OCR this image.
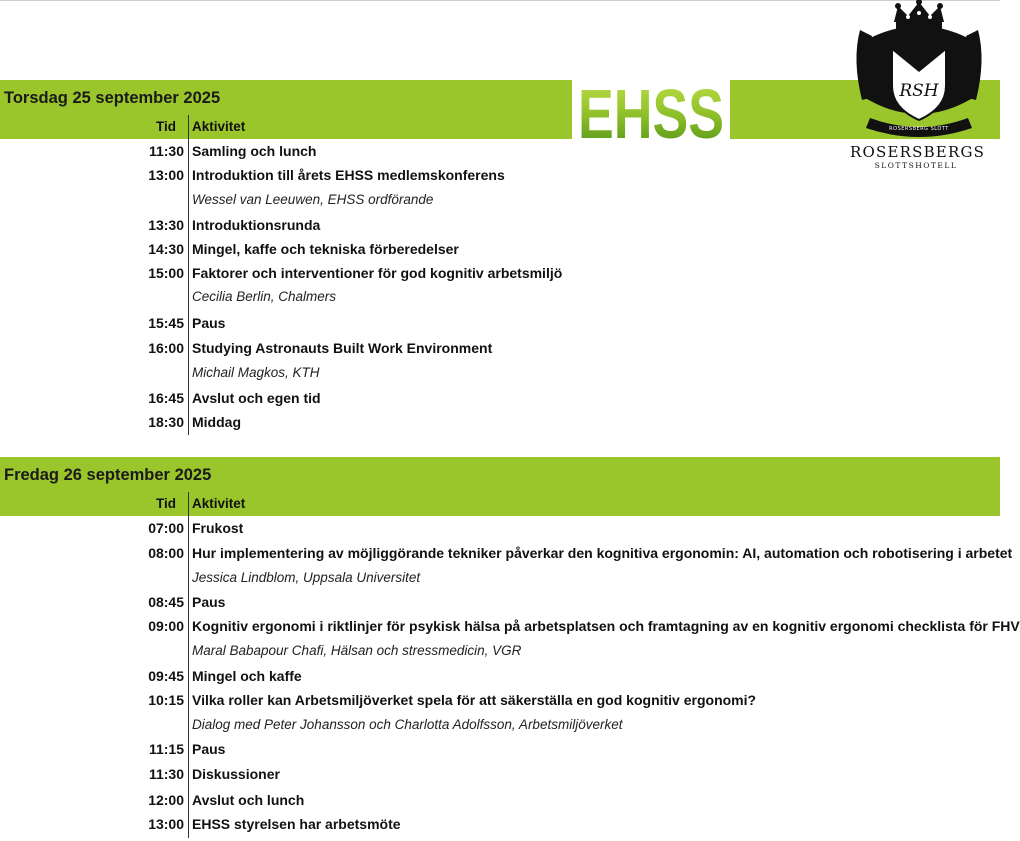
Torsdag 25 september 2025
Tid Aktivitet
11:30 Samling och lunch
13:00 Introduktion till årets EHSS medlemskonferens
Wessel van Leeuwen, EHSS ordförande
13:30 Introduktionsrunda
14:30 Mingel, kaffe och tekniska förberedelser
15:00 Faktorer och interventioner för god kognitiv arbetsmiljö
Cecilia Berlin, Chalmers
15:45 Paus
16:00 Studying Astronauts Built Work Environment
Michail Magkos, KTH
16:45 Avslut och egen tid
18:30 Middag
Fredag 26 september 2025
Tid Aktivitet
07:00 Frukost
08:00 Hur implementering av möjliggörande tekniker påverkar den kognitiva ergonomin: AI, automation och robotisering i arbetet
Jessica Lindblom, Uppsala Universitet
08:45 Paus
09:00 Kognitiv ergonomi i riktlinjer för psykisk hälsa på arbetsplatsen och framtagning av en kognitiv ergonomi checklista för FHV
Maral Babapour Chafi, Hälsan och stressmedicin, VGR
09:45 Mingel och kaffe
10:15 Vilka roller kan Arbetsmiljöverket spela för att säkerställa en god kognitiv ergonomi?
Dialog med Peter Johansson och Charlotta Adolfsson, Arbetsmiljöverket
11:15 Paus
11:30 Diskussioner
12:00 Avslut och lunch
13:00 EHSS styrelsen har arbetsmöte
EHSS	RSH
ROSERSBERG SLOTT
ROSERSBERGS
SLOTTSHOTELL
